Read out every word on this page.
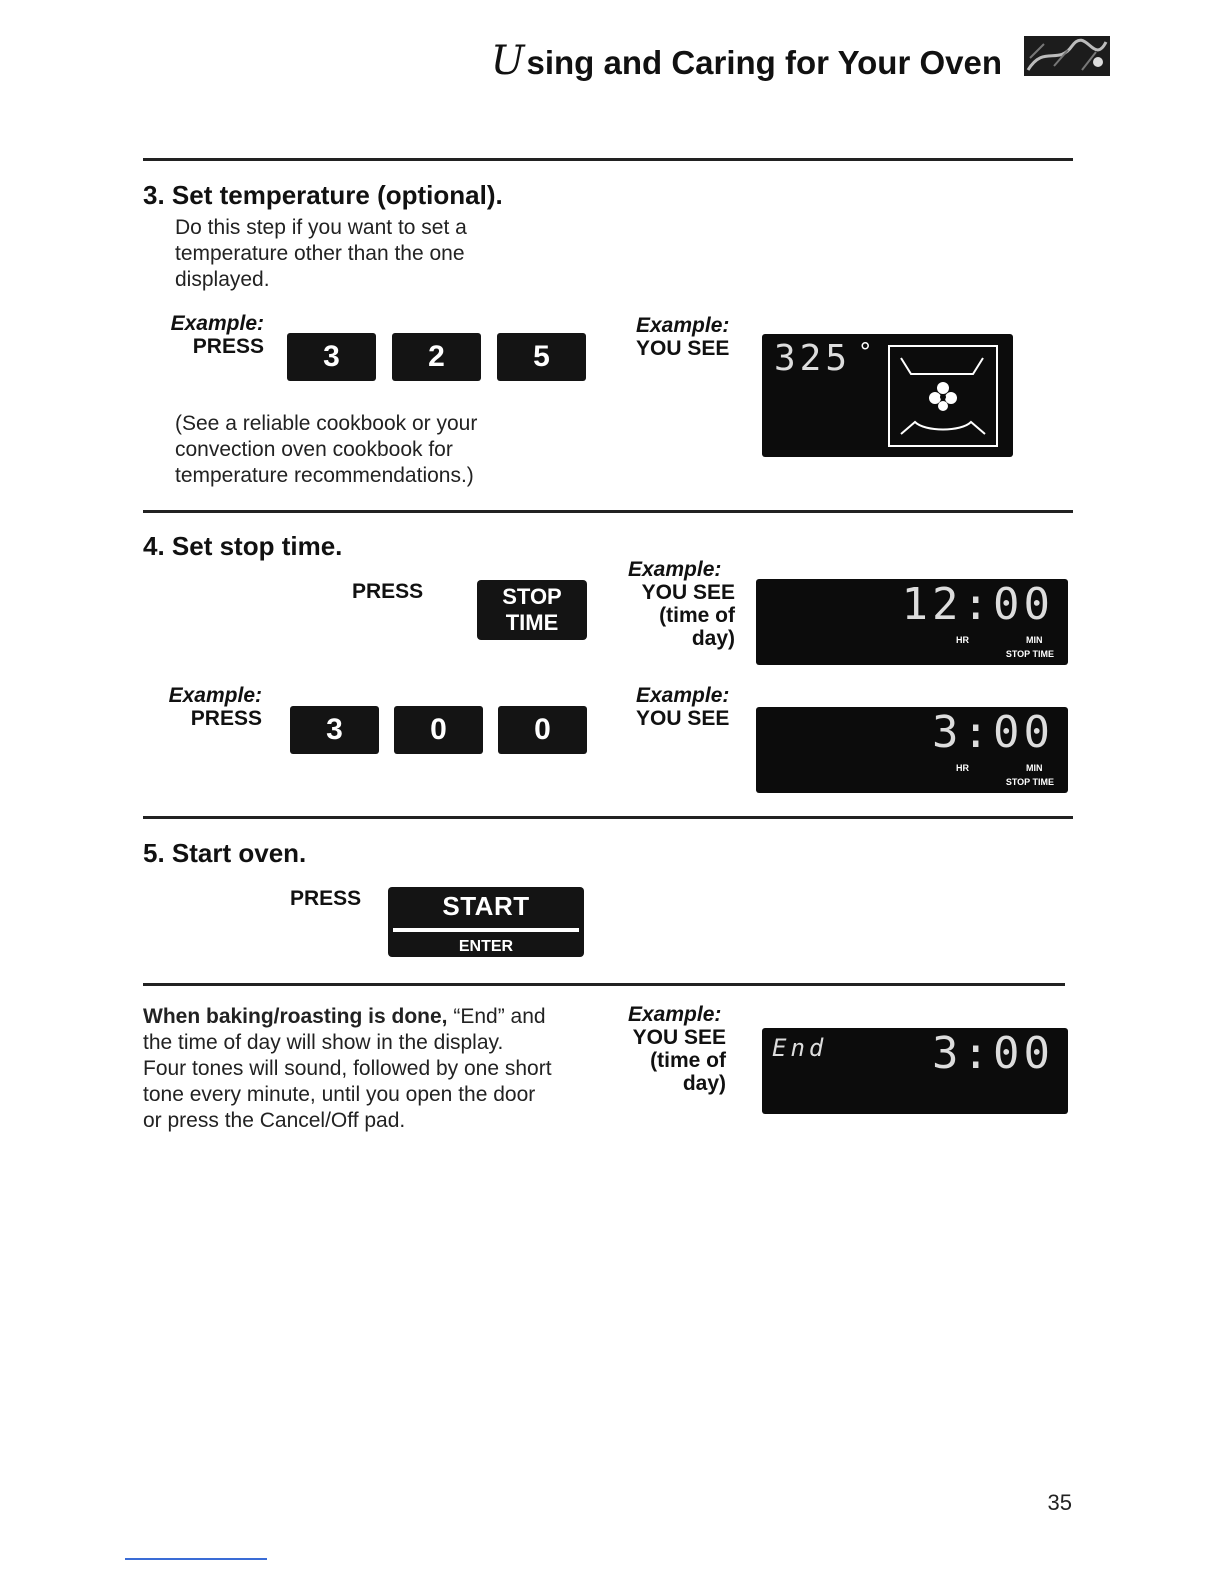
Using and Caring for Your Oven
3. Set temperature (optional).
Do this step if you want to set a
temperature other than the one
displayed.
Example:
PRESS	3	2	5
Example:
YOU SEE 325 °
(See a reliable cookbook or your
convection oven cookbook for
temperature recommendations.)
4. Set stop time.
PRESS	STOP
TIME
Example:
YOU SEE
(time of
day)
12:00
HR	MIN
STOP TIME
Example:
PRESS	3	0	0
Example:
YOU SEE	3:00
HR	MIN
STOP TIME
5. Start oven.
PRESS	START
ENTER
When baking/roasting is done, “End” and
the time of day will show in the display.
Four tones will sound, followed by one short
tone every minute, until you open the door
or press the Cancel/Off pad.
Example:
YOU SEE
(time of
day)
End 3:00
35
